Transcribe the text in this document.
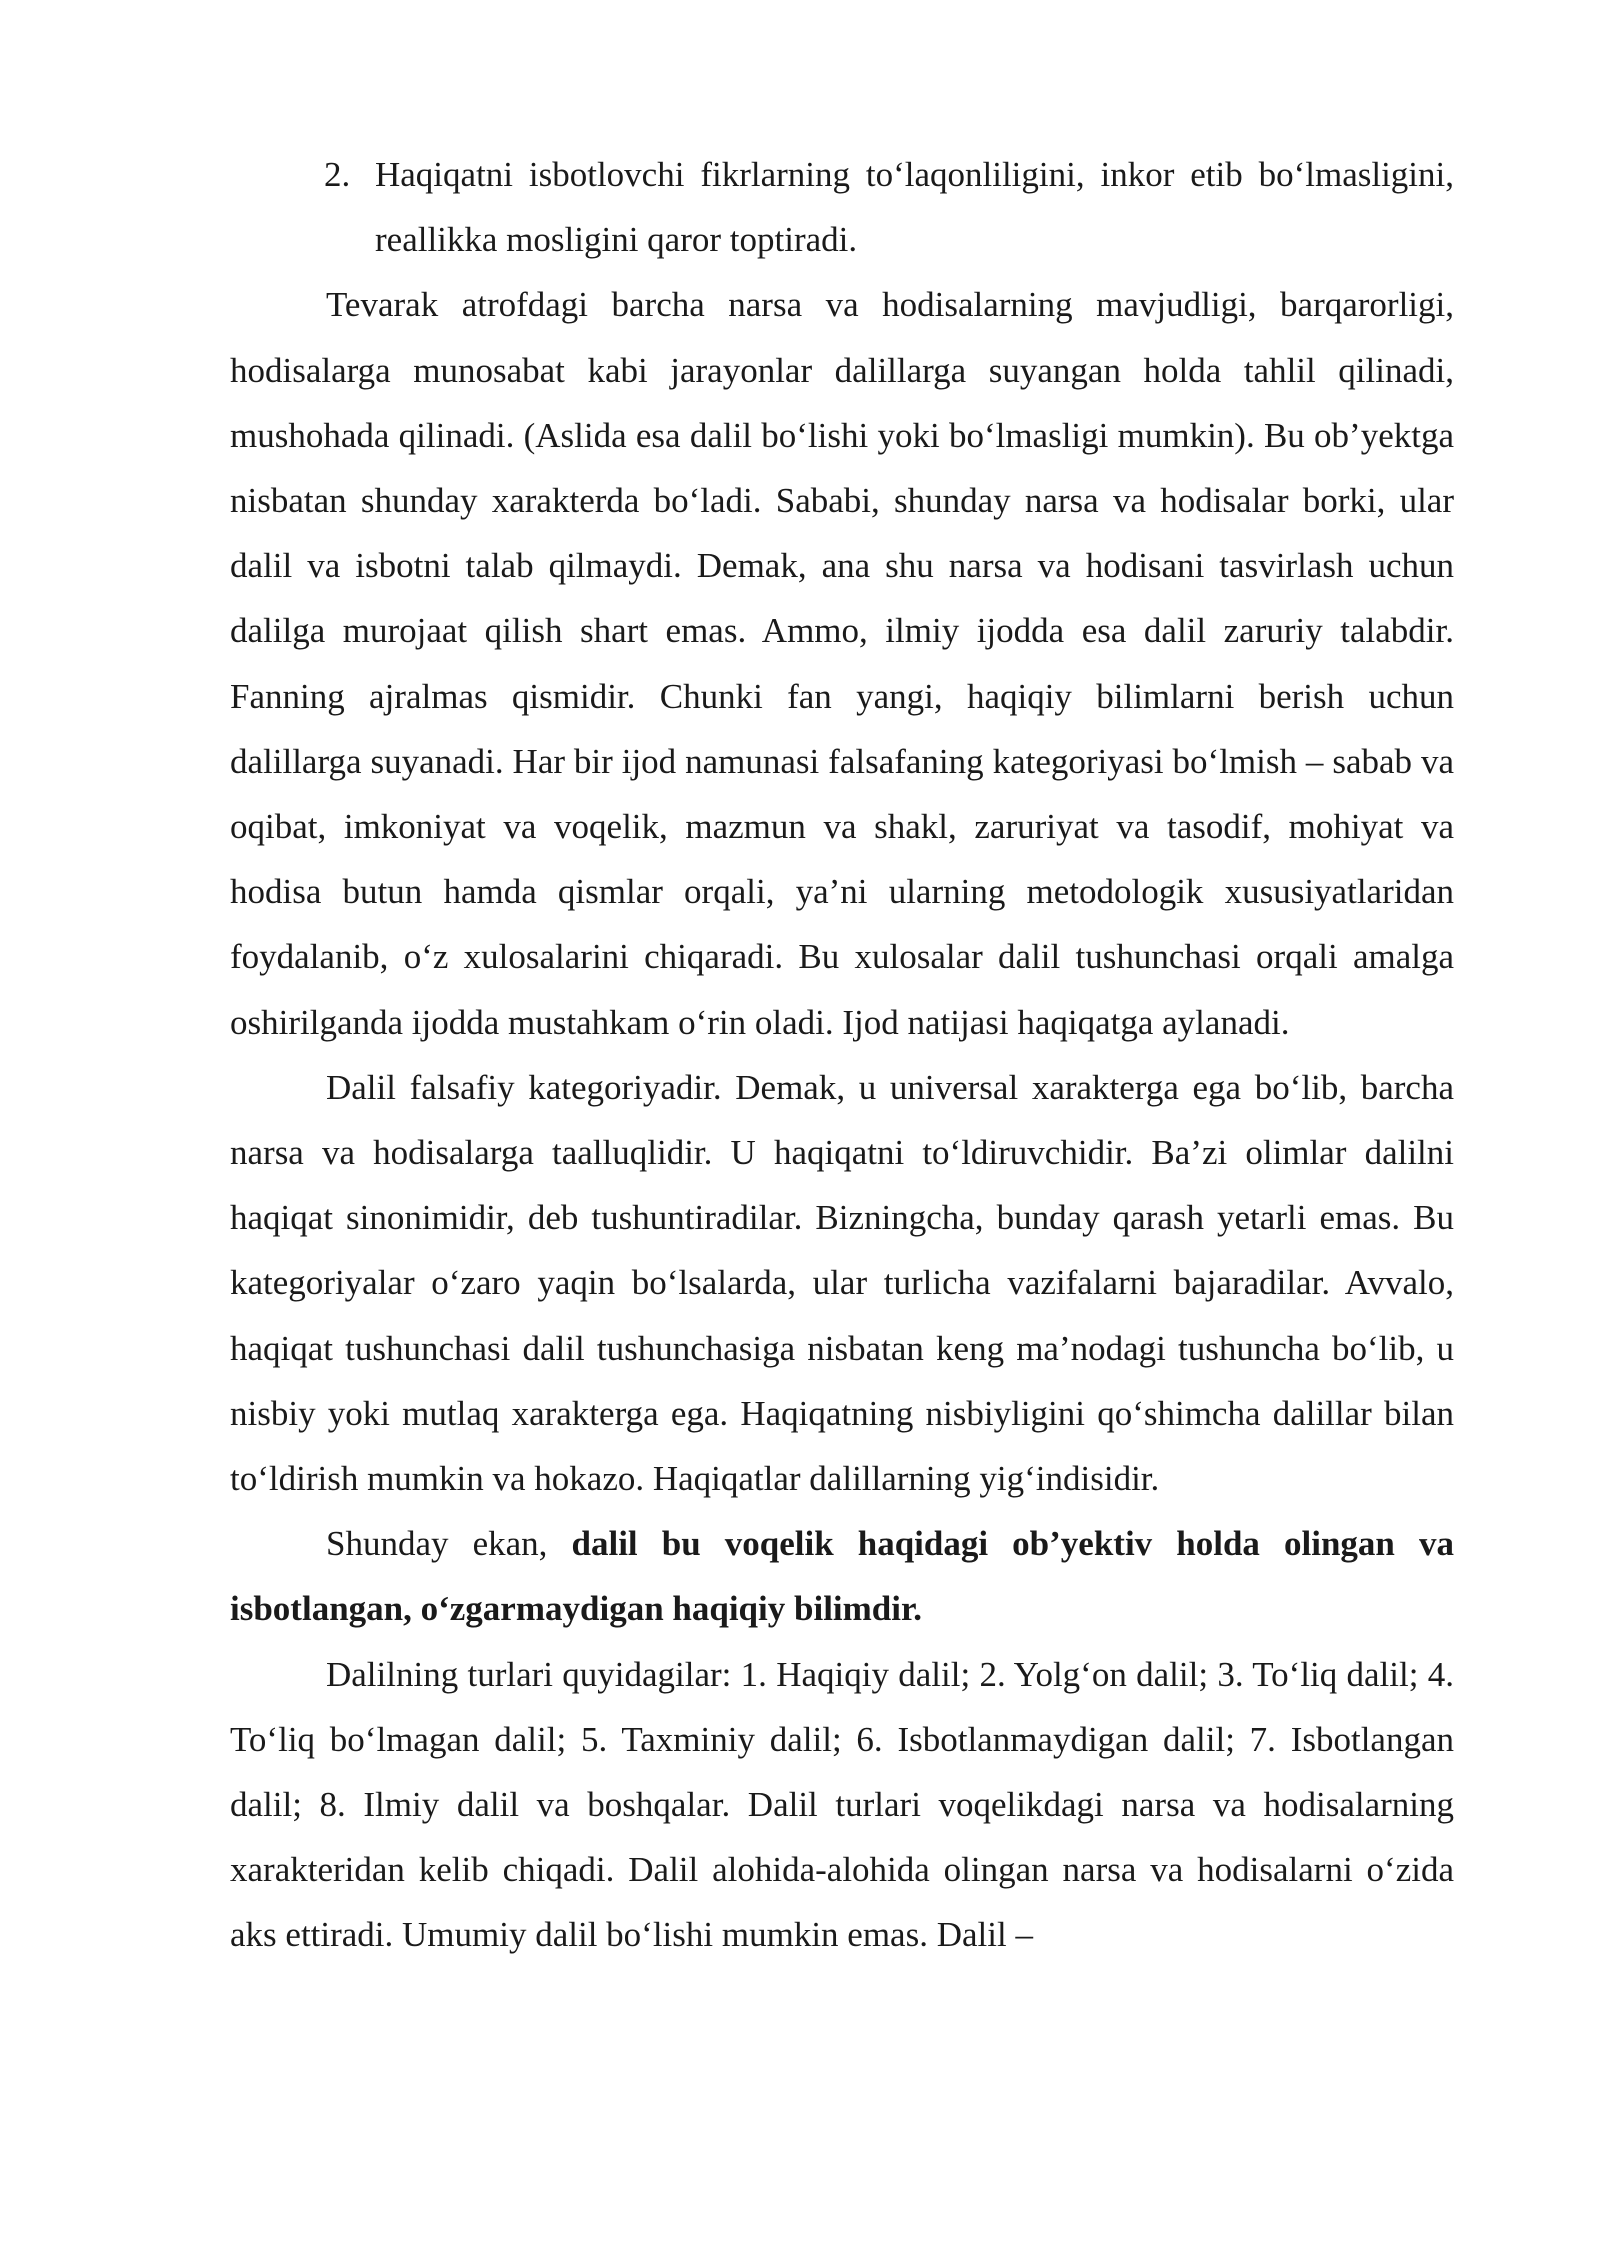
2. Haqiqatni isbotlovchi fikrlarning to‘laqonliligini, inkor etib bo‘lmasligini, reallikka mosligini qaror toptiradi.

Tevarak atrofdagi barcha narsa va hodisalarning mavjudligi, barqarorligi, hodisalarga munosabat kabi jarayonlar dalillarga suyangan holda tahlil qilinadi, mushohada qilinadi. (Aslida esa dalil bo‘lishi yoki bo‘lmasligi mumkin). Bu ob’yektga nisbatan shunday xarakterda bo‘ladi. Sababi, shunday narsa va hodisalar borki, ular dalil va isbotni talab qilmaydi. Demak, ana shu narsa va hodisani tasvirlash uchun dalilga murojaat qilish shart emas. Ammo, ilmiy ijodda esa dalil zaruriy talabdir. Fanning ajralmas qismidir. Chunki fan yangi, haqiqiy bilimlarni berish uchun dalillarga suyanadi. Har bir ijod namunasi falsafaning kategoriyasi bo‘lmish – sabab va oqibat, imkoniyat va voqelik, mazmun va shakl, zaruriyat va tasodif, mohiyat va hodisa butun hamda qismlar orqali, ya’ni ularning metodologik xususiyatlaridan foydalanib, o‘z xulosalarini chiqaradi. Bu xulosalar dalil tushunchasi orqali amalga oshirilganda ijodda mustahkam o‘rin oladi. Ijod natijasi haqiqatga aylanadi.

Dalil falsafiy kategoriyadir. Demak, u universal xarakterga ega bo‘lib, barcha narsa va hodisalarga taalluqlidir. U haqiqatni to‘ldiruvchidir. Ba’zi olimlar dalilni haqiqat sinonimidir, deb tushuntiradilar. Bizningcha, bunday qarash yetarli emas. Bu kategoriyalar o‘zaro yaqin bo‘lsalarda, ular turlicha vazifalarni bajaradilar. Avvalo, haqiqat tushunchasi dalil tushunchasiga nisbatan keng ma’nodagi tushuncha bo‘lib, u nisbiy yoki mutlaq xarakterga ega. Haqiqatning nisbiyligini qo‘shimcha dalillar bilan to‘ldirish mumkin va hokazo. Haqiqatlar dalillarning yig‘indisidir.

Shunday ekan, dalil bu voqelik haqidagi ob’yektiv holda olingan va isbotlangan, o‘zgarmaydigan haqiqiy bilimdir.

Dalilning turlari quyidagilar: 1. Haqiqiy dalil; 2. Yolg‘on dalil; 3. To‘liq dalil; 4. To‘liq bo‘lmagan dalil; 5. Taxminiy dalil; 6. Isbotlanmaydigan dalil; 7. Isbotlangan dalil; 8. Ilmiy dalil va boshqalar. Dalil turlari voqelikdagi narsa va hodisalarning xarakteridan kelib chiqadi. Dalil alohida-alohida olingan narsa va hodisalarni o‘zida aks ettiradi. Umumiy dalil bo‘lishi mumkin emas. Dalil –
